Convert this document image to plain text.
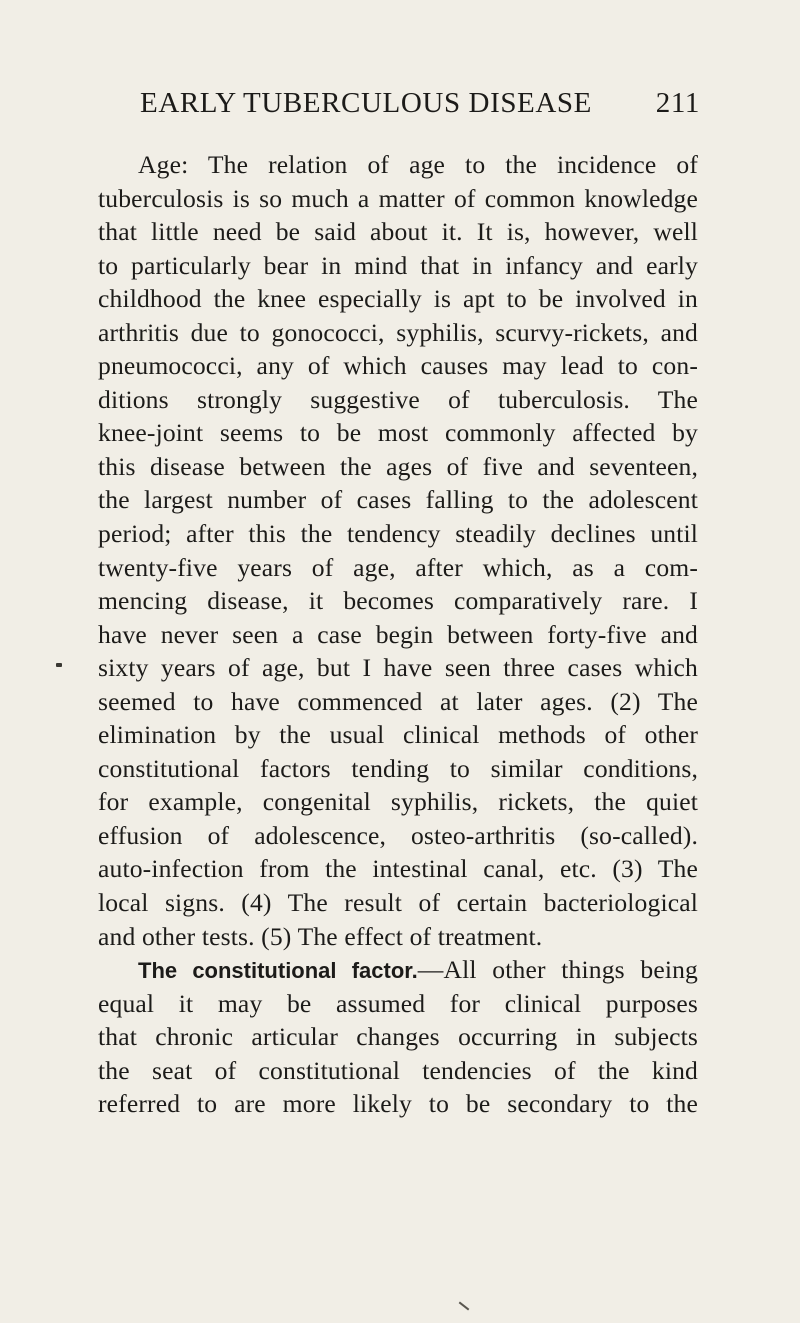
EARLY TUBERCULOUS DISEASE 211
Age: The relation of age to the incidence of
tuberculosis is so much a matter of common knowledge
that little need be said about it. It is, however, well
to particularly bear in mind that in infancy and early
childhood the knee especially is apt to be involved in
arthritis due to gonococci, syphilis, scurvy-rickets, and
pneumococci, any of which causes may lead to con-
ditions strongly suggestive of tuberculosis. The
knee-joint seems to be most commonly affected by
this disease between the ages of five and seventeen,
the largest number of cases falling to the adolescent
period; after this the tendency steadily declines until
twenty-five years of age, after which, as a com-
mencing disease, it becomes comparatively rare. I
have never seen a case begin between forty-five and
sixty years of age, but I have seen three cases which
seemed to have commenced at later ages. (2) The
elimination by the usual clinical methods of other
constitutional factors tending to similar conditions,
for example, congenital syphilis, rickets, the quiet
effusion of adolescence, osteo-arthritis (so-called).
auto-infection from the intestinal canal, etc. (3) The
local signs. (4) The result of certain bacteriological
and other tests. (5) The effect of treatment.
The constitutional factor.—All other things being
equal it may be assumed for clinical purposes
that chronic articular changes occurring in subjects
the seat of constitutional tendencies of the kind
referred to are more likely to be secondary to the
